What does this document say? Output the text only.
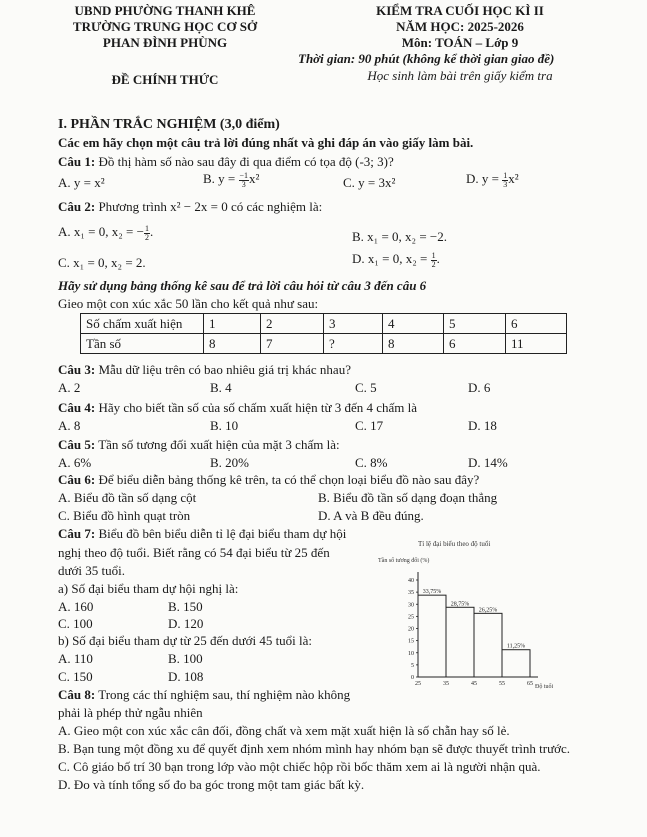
UBND PHƯỜNG THANH KHÊ
TRƯỜNG TRUNG HỌC CƠ SỞ
PHAN ĐÌNH PHÙNG
ĐỀ CHÍNH THỨC
KIỂM TRA CUỐI HỌC KÌ II
NĂM HỌC: 2025-2026
Môn: TOÁN – Lớp 9
Thời gian: 90 phút (không kể thời gian giao đề)
Học sinh làm bài trên giấy kiểm tra
I. PHẦN TRẮC NGHIỆM (3,0 điểm)
Các em hãy chọn một câu trả lời đúng nhất và ghi đáp án vào giấy làm bài.
Câu 1: Đồ thị hàm số nào sau đây đi qua điểm có tọa độ (-3; 3)?
A. y = x²	B. $y = \frac{-1}{3} x^2$	C. y = 3x²	D. $y = \frac{1}{3} x^2$
Câu 2: Phương trình x² − 2x = 0 có các nghiệm là:
A. x₁ = 0, x₂ = − $\frac{1}{2}$ .	B. x₁ = 0, x₂ = −2.
C. x₁ = 0, x₂ = 2.	D. x₁ = 0, $x_2 = \frac{1}{2}$ .
Hãy sử dụng bảng thống kê sau để trả lời câu hỏi từ câu 3 đến câu 6
Gieo một con xúc xắc 50 lần cho kết quả như sau:
Số chấm xuất hiện	1	2	3	4	5	6
Tần số	8	7	?	8	6	11
Câu 3: Mẫu dữ liệu trên có bao nhiêu giá trị khác nhau?
A. 2	B. 4	C. 5	D. 6
Câu 4: Hãy cho biết tần số của số chấm xuất hiện từ 3 đến 4 chấm là
A. 8	B. 10	C. 17	D. 18
Câu 5: Tần số tương đối xuất hiện của mặt 3 chấm là:
A. 6%	B. 20%	C. 8%	D. 14%
Câu 6: Để biểu diễn bảng thống kê trên, ta có thể chọn loại biểu đồ nào sau đây?
A. Biểu đồ tần số dạng cột	B. Biểu đồ tần số dạng đoạn thẳng
C. Biểu đồ hình quạt tròn	D. A và B đều đúng.
Câu 7: Biểu đồ bên biểu diễn tỉ lệ đại biểu tham dự hội
nghị theo độ tuổi. Biết rằng có 54 đại biểu từ 25 đến
dưới 35 tuổi.
a) Số đại biểu tham dự hội nghị là:
A. 160	B. 150
C. 100	D. 120
b) Số đại biểu tham dự từ 25 đến dưới 45 tuổi là:
A. 110	B. 100
C. 150	D. 108
Tỉ lệ đại biểu theo độ tuổi
Tần số tương đối (%)
Độ tuổi
0
5
10
15
20
25
30
35
40
33,75%
28,75%
26,25%
11,25%
25	35	45	55	65
Câu 8: Trong các thí nghiệm sau, thí nghiệm nào không
phải là phép thử ngẫu nhiên
A. Gieo một con xúc xắc cân đối, đồng chất và xem mặt xuất hiện là số chẵn hay số lẻ.
B. Bạn tung một đồng xu để quyết định xem nhóm mình hay nhóm bạn sẽ được thuyết trình trước.
C. Cô giáo bố trí 30 bạn trong lớp vào một chiếc hộp rồi bốc thăm xem ai là người nhận quà.
D. Đo và tính tổng số đo ba góc trong một tam giác bất kỳ.
